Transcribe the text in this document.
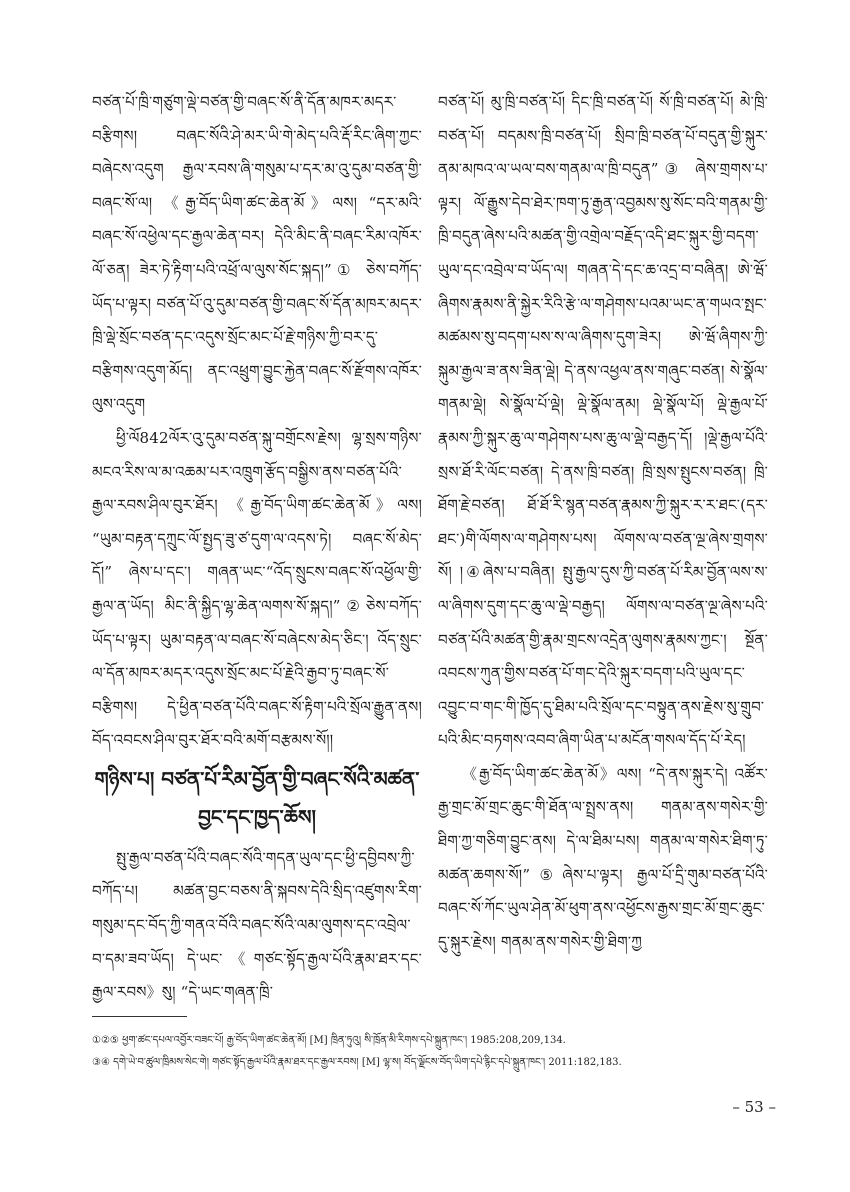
བཙན་པོ་ཁྲི་གཙུག་ལྡེ་བཙན་གྱི་བཞང་སོ་ནི་དོན་མཁར་མདར་བརྩིགས། བཞང་སོའི་ཤེ་མར་ཡི་གེ་མེད་པའི་རྡོ་རིང་ཞིག་ཀྱང་བཞེངས་འདུག རྒྱལ་རབས་ཞི་གསུམ་པ་དར་མ་འུ་དུམ་བཙན་གྱི་བཞང་སོ་ལ། 《རྒྱ་བོད་ཡིག་ཚང་ཆེན་མོ》ལས། “དར་མའི་བཞང་སོ་འཕྱེལ་དང་རྒྱལ་ཆེན་བར། དེའི་མིང་ནི་བཞང་རིམ་འཁོར་ལོ་ཅན། ཟེར་ཏེ་རྟིག་པའི་འཕྲོ་ལ་ལུས་སོང་སྐད།”① ཅེས་བཀོད་ཡོད་པ་ལྟར། བཙན་པོ་འུ་དུམ་བཙན་གྱི་བཞང་སོ་དོན་མཁར་མདར་ཁྲི་ལྡེ་སྲོང་བཙན་དང་འདུས་སྲོང་མང་པོ་རྗེ་གཉིས་ཀྱི་བར་དུ་བརྩིགས་འདུག་མོད། ནང་འཕྲུག་བྱུང་རྐྱེན་བཞང་སོ་རྫོགས་འཁོར་ལུས་འདུག

ཕྱི་ལོ842ལོར་འུ་དུམ་བཙན་སྐུ་བགྲོངས་རྗེས། ལྷ་སྲས་གཉིས་མངའ་རིས་ལ་མ་འཆམ་པར་འཁྲུག་རྩོད་བསྒྱིས་ནས་བཙན་པོའི་རྒྱལ་རབས་ཤིལ་བུར་ཐོར། 《རྒྱ་བོད་ཡིག་ཚང་ཆེན་མོ》ལས། “ཡུམ་བརྟན་དཀྲུང་ལོ་སྤྱད་ཟུ་ཙ་དུག་ལ་འདས་ཏེ། བཞང་སོ་མེད་དོ།” ཞེས་པ་དང་། གཞན་ཡང་“འོད་སྲུངས་བཞང་སོ་འཕྱོལ་གྱི་རྒྱལ་ན་ཡོད། མིང་ནི་སྐྱིད་ལྷ་ཆེན་ལགས་སོ་སྐད།”②ཅེས་བཀོད་ཡོད་པ་ལྟར། ཡུམ་བརྟན་ལ་བཞང་སོ་བཞེངས་མེད་ཅིང་། འོད་སྲུང་ལ་དོན་མཁར་མདར་འདུས་སྲོང་མང་པོ་རྗེའི་རྒྱབ་ཏུ་བཞང་སོ་བརྩིགས། དེ་ཕྱིན་བཙན་པོའི་བཞང་སོ་རྟིག་པའི་སྲོལ་རྒྱུན་ནས། བོད་འབངས་ཤིལ་བུར་ཐོར་བའི་མགོ་བརྩམས་སོ།།

གཉིས་པ། བཙན་པོ་རིམ་བྱོན་གྱི་བཞང་སོའི་མཚན་བྱང་དང་ཁྱད་ཆོས།

སྤུ་རྒྱལ་བཙན་པོའི་བཞང་སོའི་གདན་ཡུལ་དང་ཕྱི་དབྱིབས་ཀྱི་བཀོད་པ། མཚན་བྱང་བཅས་ནི་སྐབས་དེའི་སྲིད་འཛུགས་རིག་གསུམ་དང་བོད་ཀྱི་གནའ་བོའི་བཞང་སོའི་ལམ་ལུགས་དང་འབྲེལ་བ་དམ་ཟབ་ཡོད། དེ་ཡང་《གཙང་སྟོད་རྒྱལ་པོའི་རྣམ་ཐར་དང་རྒྱལ་རབས》སུ། “དེ་ཡང་གཞན་ཁྲི་

བཙན་པོ། མུ་ཁྲི་བཙན་པོ། དིང་ཁྲི་བཙན་པོ། སོ་ཁྲི་བཙན་པོ། མེ་ཁྲི་བཙན་པོ། བདམས་ཁྲི་བཙན་པོ། སྲིབ་ཁྲི་བཙན་པོ་བདུན་གྱི་སྐུར་ནམ་མཁའ་ལ་ཡལ་བས་གནམ་ལ་ཁྲི་བདུན”③ ཞེས་གྲགས་པ་ལྟར། ལོ་རྒྱུས་དེབ་ཐེར་ཁག་ཏུ་རྒྱན་འབྱམས་སུ་སོང་བའི་གནམ་གྱི་ཁྲི་བདུན་ཞེས་པའི་མཚན་གྱི་འགྲེལ་བརྗོད་འདི་ཐང་སྐུར་གྱི་བདག་ཡུལ་དང་འབྲེལ་བ་ཡོད་ལ། གཞན་དེ་དང་ཆ་འདྲ་བ་བཞིན། ཨེ་ཝོ་ཞིགས་རྣམས་ནི་སྐྱེར་རིའི་རྩེ་ལ་གཤེགས་པའམ་ཡང་ན་གཡའ་སྤང་མཚམས་སུ་བདག་པས་ས་ལ་ཞིགས་དུག་ཟེར། ཨེ་ཝོ་ཞིགས་ཀྱི་སྐུམ་རྒྱལ་ཟ་ནས་ཟིན་ལྡེ། དེ་ནས་འཕྱལ་ནས་གཞུང་བཙན། སེ་སྣོལ་གནམ་ལྡེ། སེ་སྣོལ་པོ་ལྡེ། ལྡེ་སྣོལ་ནམ། ལྡེ་སྣོལ་པོ། ལྡེ་རྒྱལ་པོ་རྣམས་ཀྱི་སྐུར་ཆུ་ལ་གཤེགས་པས་ཆུ་ལ་ལྡེ་བརྒྱད་དོ། །ལྡེ་རྒྱལ་པོའི་སྲས་ཐོ་རི་ལོང་བཙན། དེ་ནས་ཁྲི་བཙན། ཁྲི་སྲས་སྤུངས་བཙན། ཁྲི་ཐོག་རྗེ་བཙན། ཐོ་ཐོ་རི་སྙན་བཙན་རྣམས་ཀྱི་སྐུར་ར་ར་ཐང་(དར་ཐང་)གི་ལོགས་ལ་གཤེགས་པས། ལོགས་ལ་བཙན་ལྔ་ཞེས་གྲགས་སོ། །④ཞེས་པ་བཞིན། སྤུ་རྒྱལ་དུས་ཀྱི་བཙན་པོ་རིམ་བྱོན་ལས་ས་ལ་ཞིགས་དུག་དང་ཆུ་ལ་ལྡེ་བརྒྱད། ལོགས་ལ་བཙན་ལྔ་ཞེས་པའི་བཙན་པོའི་མཚན་གྱི་རྣམ་གྲངས་འདྲེན་ལུགས་རྣམས་ཀྱང་། སྔོན་འབངས་ཀུན་གྱིས་བཙན་པོ་གང་དེའི་སྐུར་བདག་པའི་ཡུལ་དང་འབྱུང་བ་གང་གི་ཁྱོད་དུ་ཐིམ་པའི་སྲོལ་དང་བསྟུན་ནས་རྗེས་སུ་གྲུབ་པའི་མིང་བཏགས་འབབ་ཞིག་ཡིན་པ་མངོན་གསལ་དོད་པོ་རེད།

《རྒྱ་བོད་ཡིག་ཚང་ཆེན་མོ》ལས། “དེ་ནས་སྐུར་དེ། འཚོར་རྒྱ་གྲང་མོ་གྲང་ཆུང་གི་ཐོན་ལ་སྤྲས་ནས། གནམ་ནས་གསེར་གྱི་ཐིག་ཀྱ་གཅིག་བྱུང་ནས། དེ་ལ་ཐིམ་པས། གནམ་ལ་གསེར་ཐིག་ཏུ་མཚན་ཆགས་སོ།”⑤ཞེས་པ་ལྟར། རྒྱལ་པོ་དྲི་གུམ་བཙན་པོའི་བཞང་སོ་ཀོང་ཡུལ་ཤེན་མོ་ཕུག་ནས་འཕྱོངས་རྒྱས་གྲང་མོ་གྲང་ཆུང་དུ་སྐུར་རྗེས། གནམ་ནས་གསེར་གྱི་ཐིག་ཀྱ

①②⑤ ཕྱག་ཚང་དཔལ་འབྱོར་བཟང་པོ། རྒྱ་བོད་ཡིག་ཚང་ཆེན་མོ། [M] ཁྲིན་ཏུའུ། སི་ཁྲོན་མི་རིགས་དཔེ་སྐྲུན་ཁང་། 1985:208,209,134.
③④ དགེ་ཡེ་བ་ཚུལ་ཁྲིམས་སེང་གེ། གཙང་སྟོད་རྒྱལ་པོའི་རྣམ་ཐར་དང་རྒྱལ་རབས། [M] ལྷ་ས། བོད་ལྗོངས་བོད་ཡིག་དཔེ་རྙིང་དཔེ་སྐྲུན་ཁང་། 2011:182,183.
– 53 –
